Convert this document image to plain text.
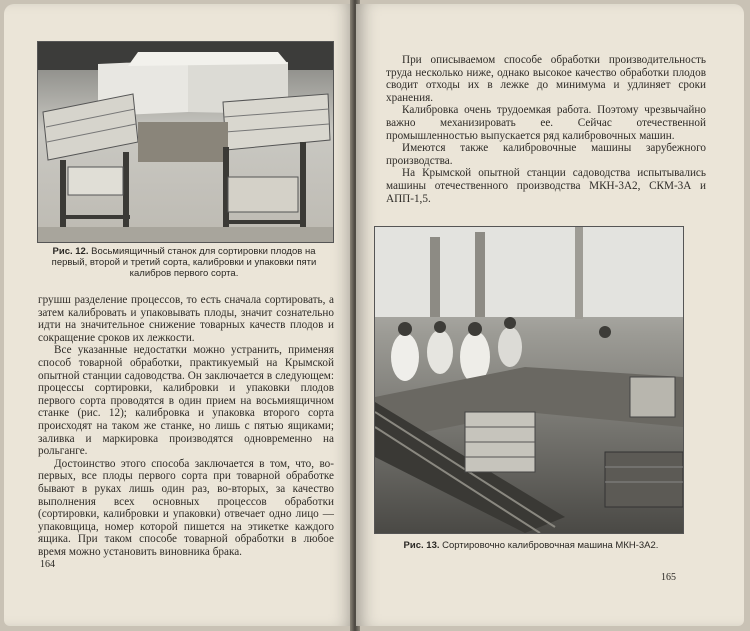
Рис. 12. Восьмиящичный станок для сортировки плодов на первый, второй и третий сорта, калибровки и упаковки пяти калибров первого сорта.

грушш разделение процессов, то есть сначала сортировать, а затем калибровать и упаковывать плоды, значит сознательно идти на значительное снижение товарных качеств плодов и сокращение сроков их лежкости.

Все указанные недостатки можно устранить, применяя способ товарной обработки, практикуемый на Крымской опытной станции садоводства. Он заключается в следующем: процессы сортировки, калибровки и упаковки плодов первого сорта проводятся в один прием на восьмиящичном станке (рис. 12); калибровка и упаковка второго сорта происходят на таком же станке, но лишь с пятью ящиками; заливка и маркировка производятся одновременно на рольганге.

Достоинство этого способа заключается в том, что, во-первых, все плоды первого сорта при товарной обработке бывают в руках лишь один раз, во-вторых, за качество выполнения всех основных процессов обработки (сортировки, калибровки и упаковки) отвечает одно лицо — упаковщица, номер которой пишется на этикетке каждого ящика. При таком способе товарной обработки в любое время можно установить виновника брака.

164

При описываемом способе обработки производительность труда несколько ниже, однако высокое качество обработки плодов сводит отходы их в лежке до минимума и удлиняет сроки хранения.

Калибровка очень трудоемкая работа. Поэтому чрезвычайно важно механизировать ее. Сейчас отечественной промышленностью выпускается ряд калибровочных машин.

Имеются также калибровочные машины зарубежного производства.

На Крымской опытной станции садоводства испытывались машины отечественного производства МКН-3А2, СКМ-3А и АПП-1,5.

Рис. 13. Сортировочно калибровочная машина МКН-3А2.
165
